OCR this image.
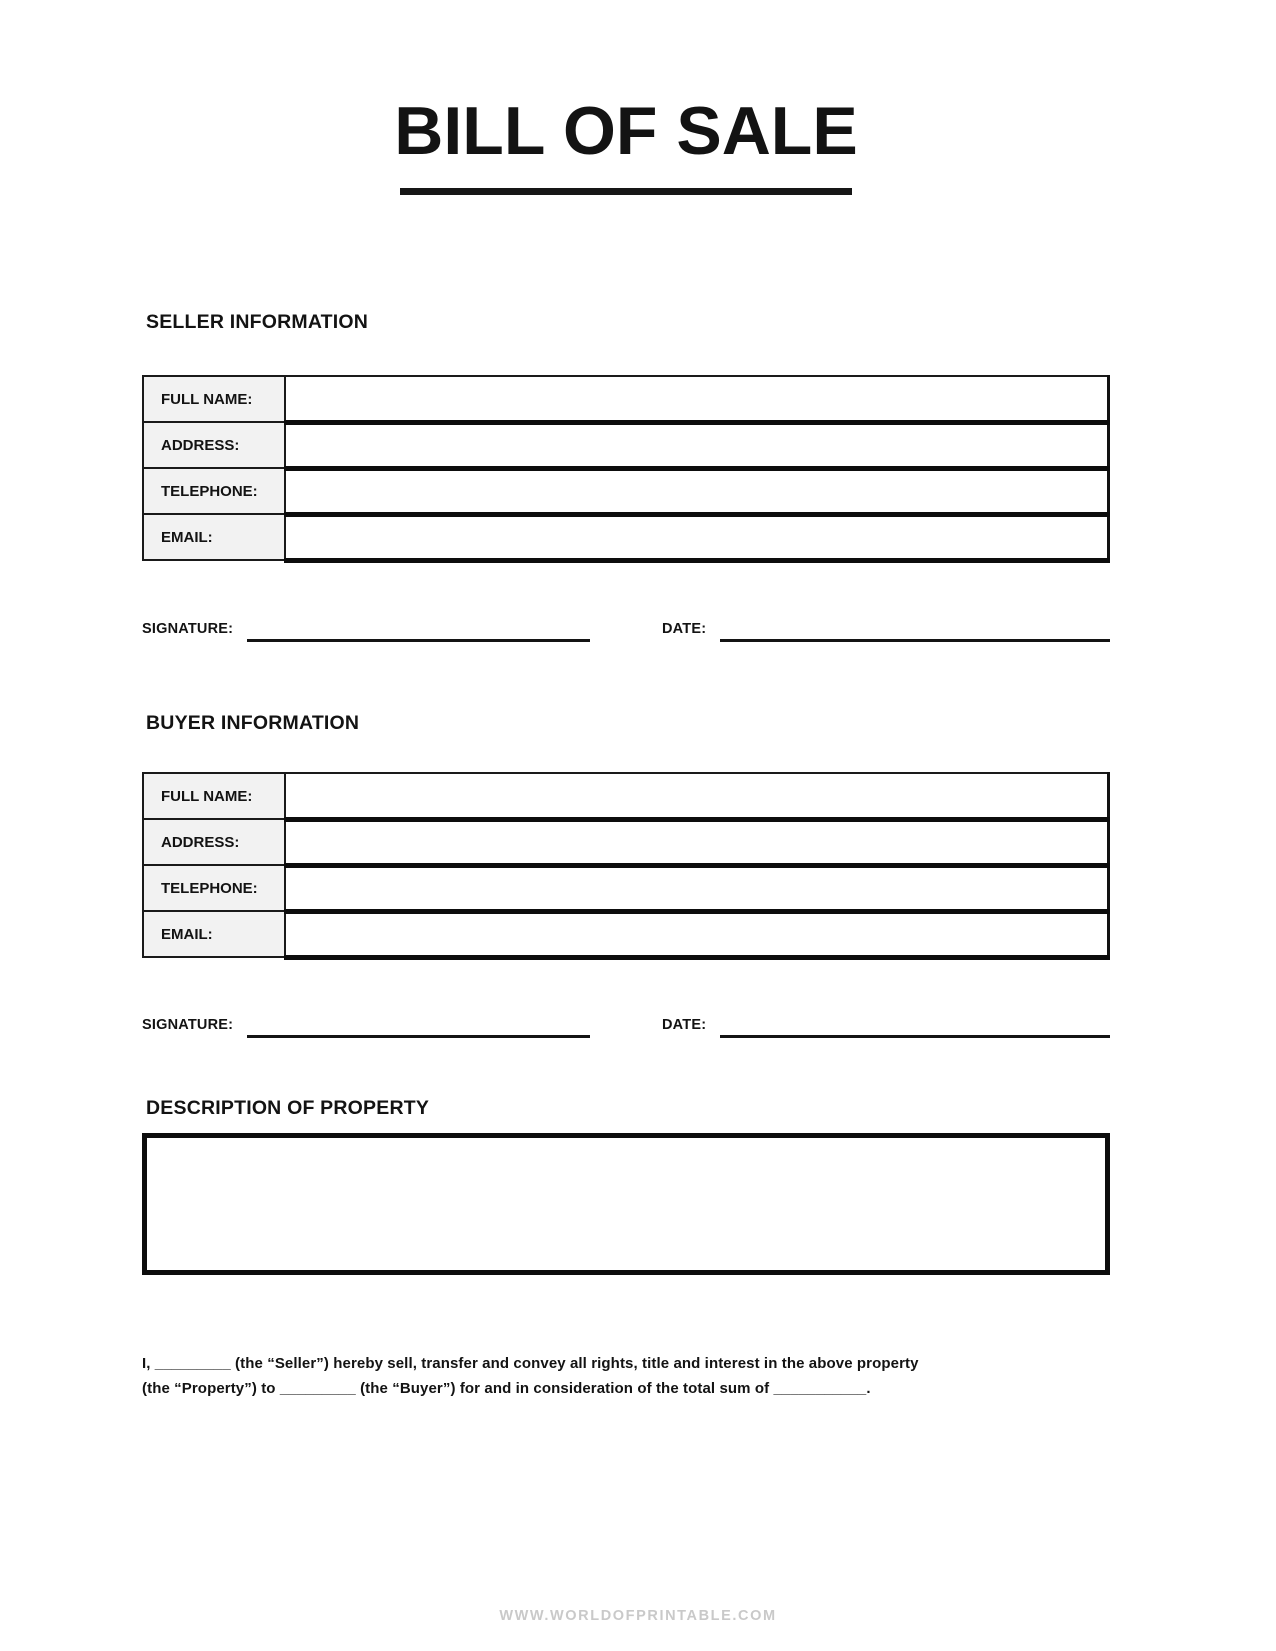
BILL OF SALE
SELLER INFORMATION
FULL NAME:	
ADDRESS:	
TELEPHONE:	
EMAIL:	
SIGNATURE:	DATE:
BUYER INFORMATION
FULL NAME:	
ADDRESS:	
TELEPHONE:	
EMAIL:	
SIGNATURE:	DATE:
DESCRIPTION OF PROPERTY
I, _________ (the “Seller”) hereby sell, transfer and convey all rights, title and interest in the above property
(the “Property”) to _________ (the “Buyer”) for and in consideration of the total sum of ___________.
WWW.WORLDOFPRINTABLE.COM
